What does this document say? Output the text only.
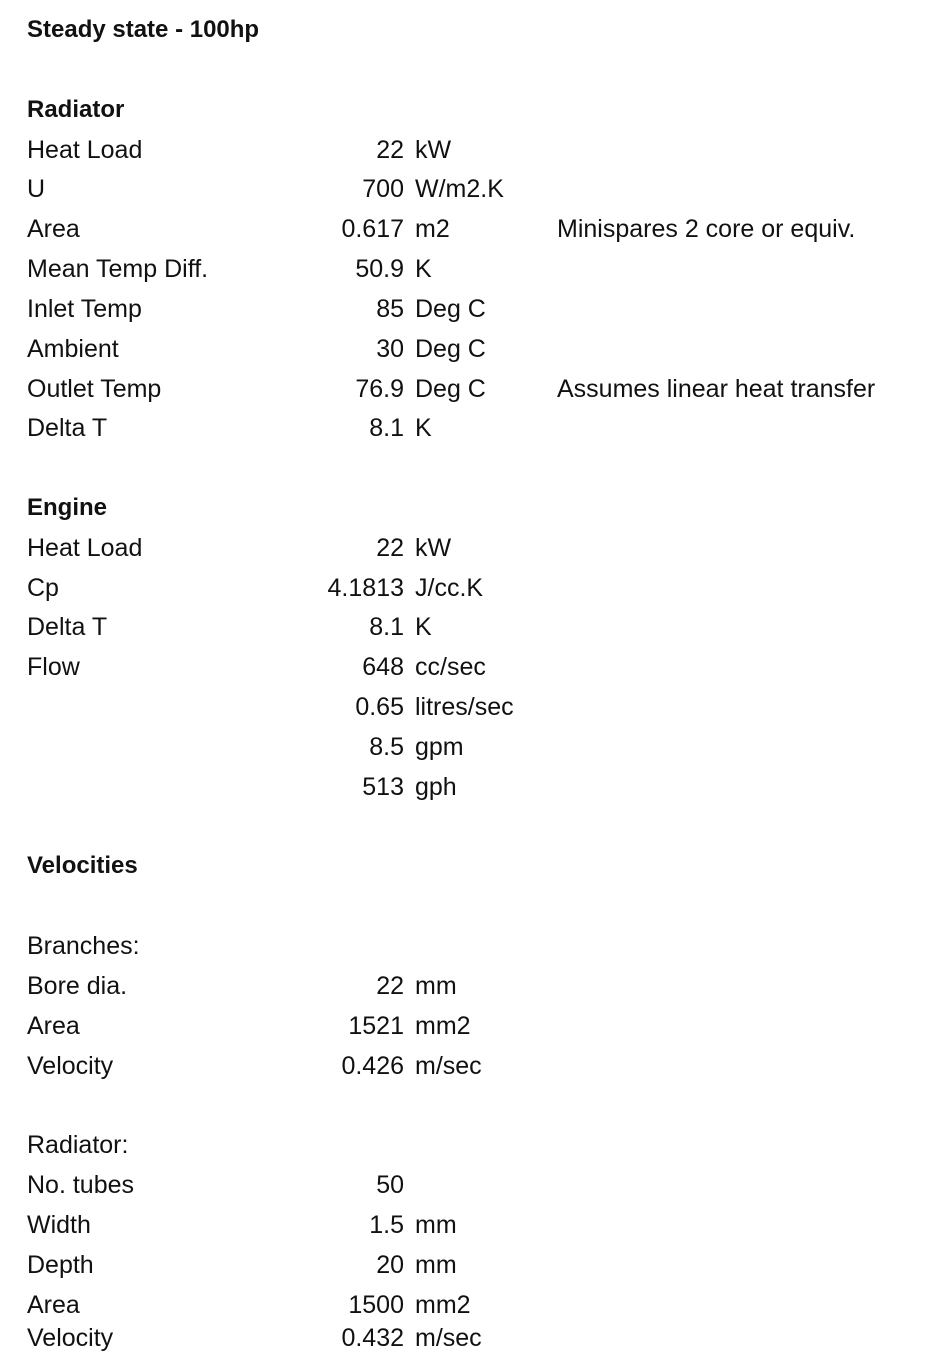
Steady state - 100hp
Radiator
Heat Load	22 kW
U	700 W/m2.K
Area	0.617 m2	Minispares 2 core or equiv.
Mean Temp Diff.	50.9 K
Inlet Temp	85 Deg C
Ambient	30 Deg C
Outlet Temp	76.9 Deg C	Assumes linear heat transfer
Delta T	8.1 K
Engine
Heat Load	22 kW
Cp	4.1813 J/cc.K
Delta T	8.1 K
Flow	648 cc/sec
0.65 litres/sec
8.5 gpm
513 gph
Velocities
Branches:
Bore dia.	22 mm
Area	1521 mm2
Velocity	0.426 m/sec
Radiator:
No. tubes	50
Width	1.5 mm
Depth	20 mm
Area	1500 mm2
Velocity	0.432 m/sec
